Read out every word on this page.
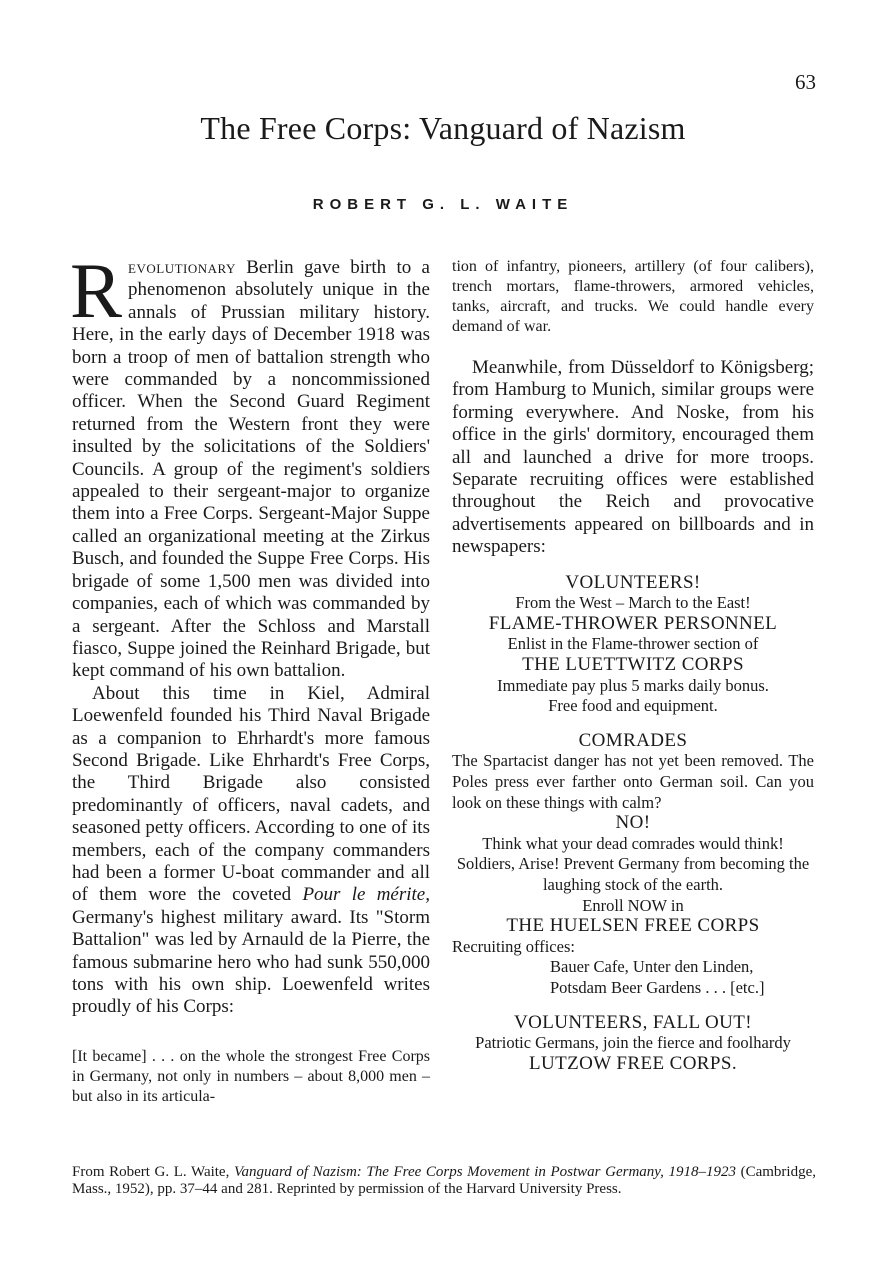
63
The Free Corps: Vanguard of Nazism
ROBERT G. L. WAITE

Revolutionary Berlin gave birth to a phenomenon absolutely unique in the annals of Prussian military history. Here, in the early days of December 1918 was born a troop of men of battalion strength who were commanded by a noncommissioned officer. When the Second Guard Regiment returned from the Western front they were insulted by the solicitations of the Soldiers' Councils. A group of the regiment's soldiers appealed to their sergeant-major to organize them into a Free Corps. Sergeant-Major Suppe called an organizational meeting at the Zirkus Busch, and founded the Suppe Free Corps. His brigade of some 1,500 men was divided into companies, each of which was commanded by a sergeant. After the Schloss and Marstall fiasco, Suppe joined the Reinhard Brigade, but kept command of his own battalion.

About this time in Kiel, Admiral Loewenfeld founded his Third Naval Brigade as a companion to Ehrhardt's more famous Second Brigade. Like Ehrhardt's Free Corps, the Third Brigade also consisted predominantly of officers, naval cadets, and seasoned petty officers. According to one of its members, each of the company commanders had been a former U-boat commander and all of them wore the coveted Pour le mérite, Germany's highest military award. Its "Storm Battalion" was led by Arnauld de la Pierre, the famous submarine hero who had sunk 550,000 tons with his own ship. Loewenfeld writes proudly of his Corps:

[It became] . . . on the whole the strongest Free Corps in Germany, not only in numbers – about 8,000 men – but also in its articula-

tion of infantry, pioneers, artillery (of four calibers), trench mortars, flame-throwers, armored vehicles, tanks, aircraft, and trucks. We could handle every demand of war.

Meanwhile, from Düsseldorf to Königsberg; from Hamburg to Munich, similar groups were forming everywhere. And Noske, from his office in the girls' dormitory, encouraged them all and launched a drive for more troops. Separate recruiting offices were established throughout the Reich and provocative advertisements appeared on billboards and in newspapers:

VOLUNTEERS!
From the West – March to the East!
FLAME-THROWER PERSONNEL
Enlist in the Flame-thrower section of
THE LUETTWITZ CORPS
Immediate pay plus 5 marks daily bonus.
Free food and equipment.
COMRADES
The Spartacist danger has not yet been removed. The Poles press ever farther onto German soil. Can you look on these things with calm?
NO!
Think what your dead comrades would think!
Soldiers, Arise! Prevent Germany from becoming the laughing stock of the earth.
Enroll NOW in
THE HUELSEN FREE CORPS
Recruiting offices:
Bauer Cafe, Unter den Linden,
Potsdam Beer Gardens . . . [etc.]
VOLUNTEERS, FALL OUT!
Patriotic Germans, join the fierce and foolhardy
LUTZOW FREE CORPS.

From Robert G. L. Waite, Vanguard of Nazism: The Free Corps Movement in Postwar Germany, 1918–1923 (Cambridge, Mass., 1952), pp. 37–44 and 281. Reprinted by permission of the Harvard University Press.
